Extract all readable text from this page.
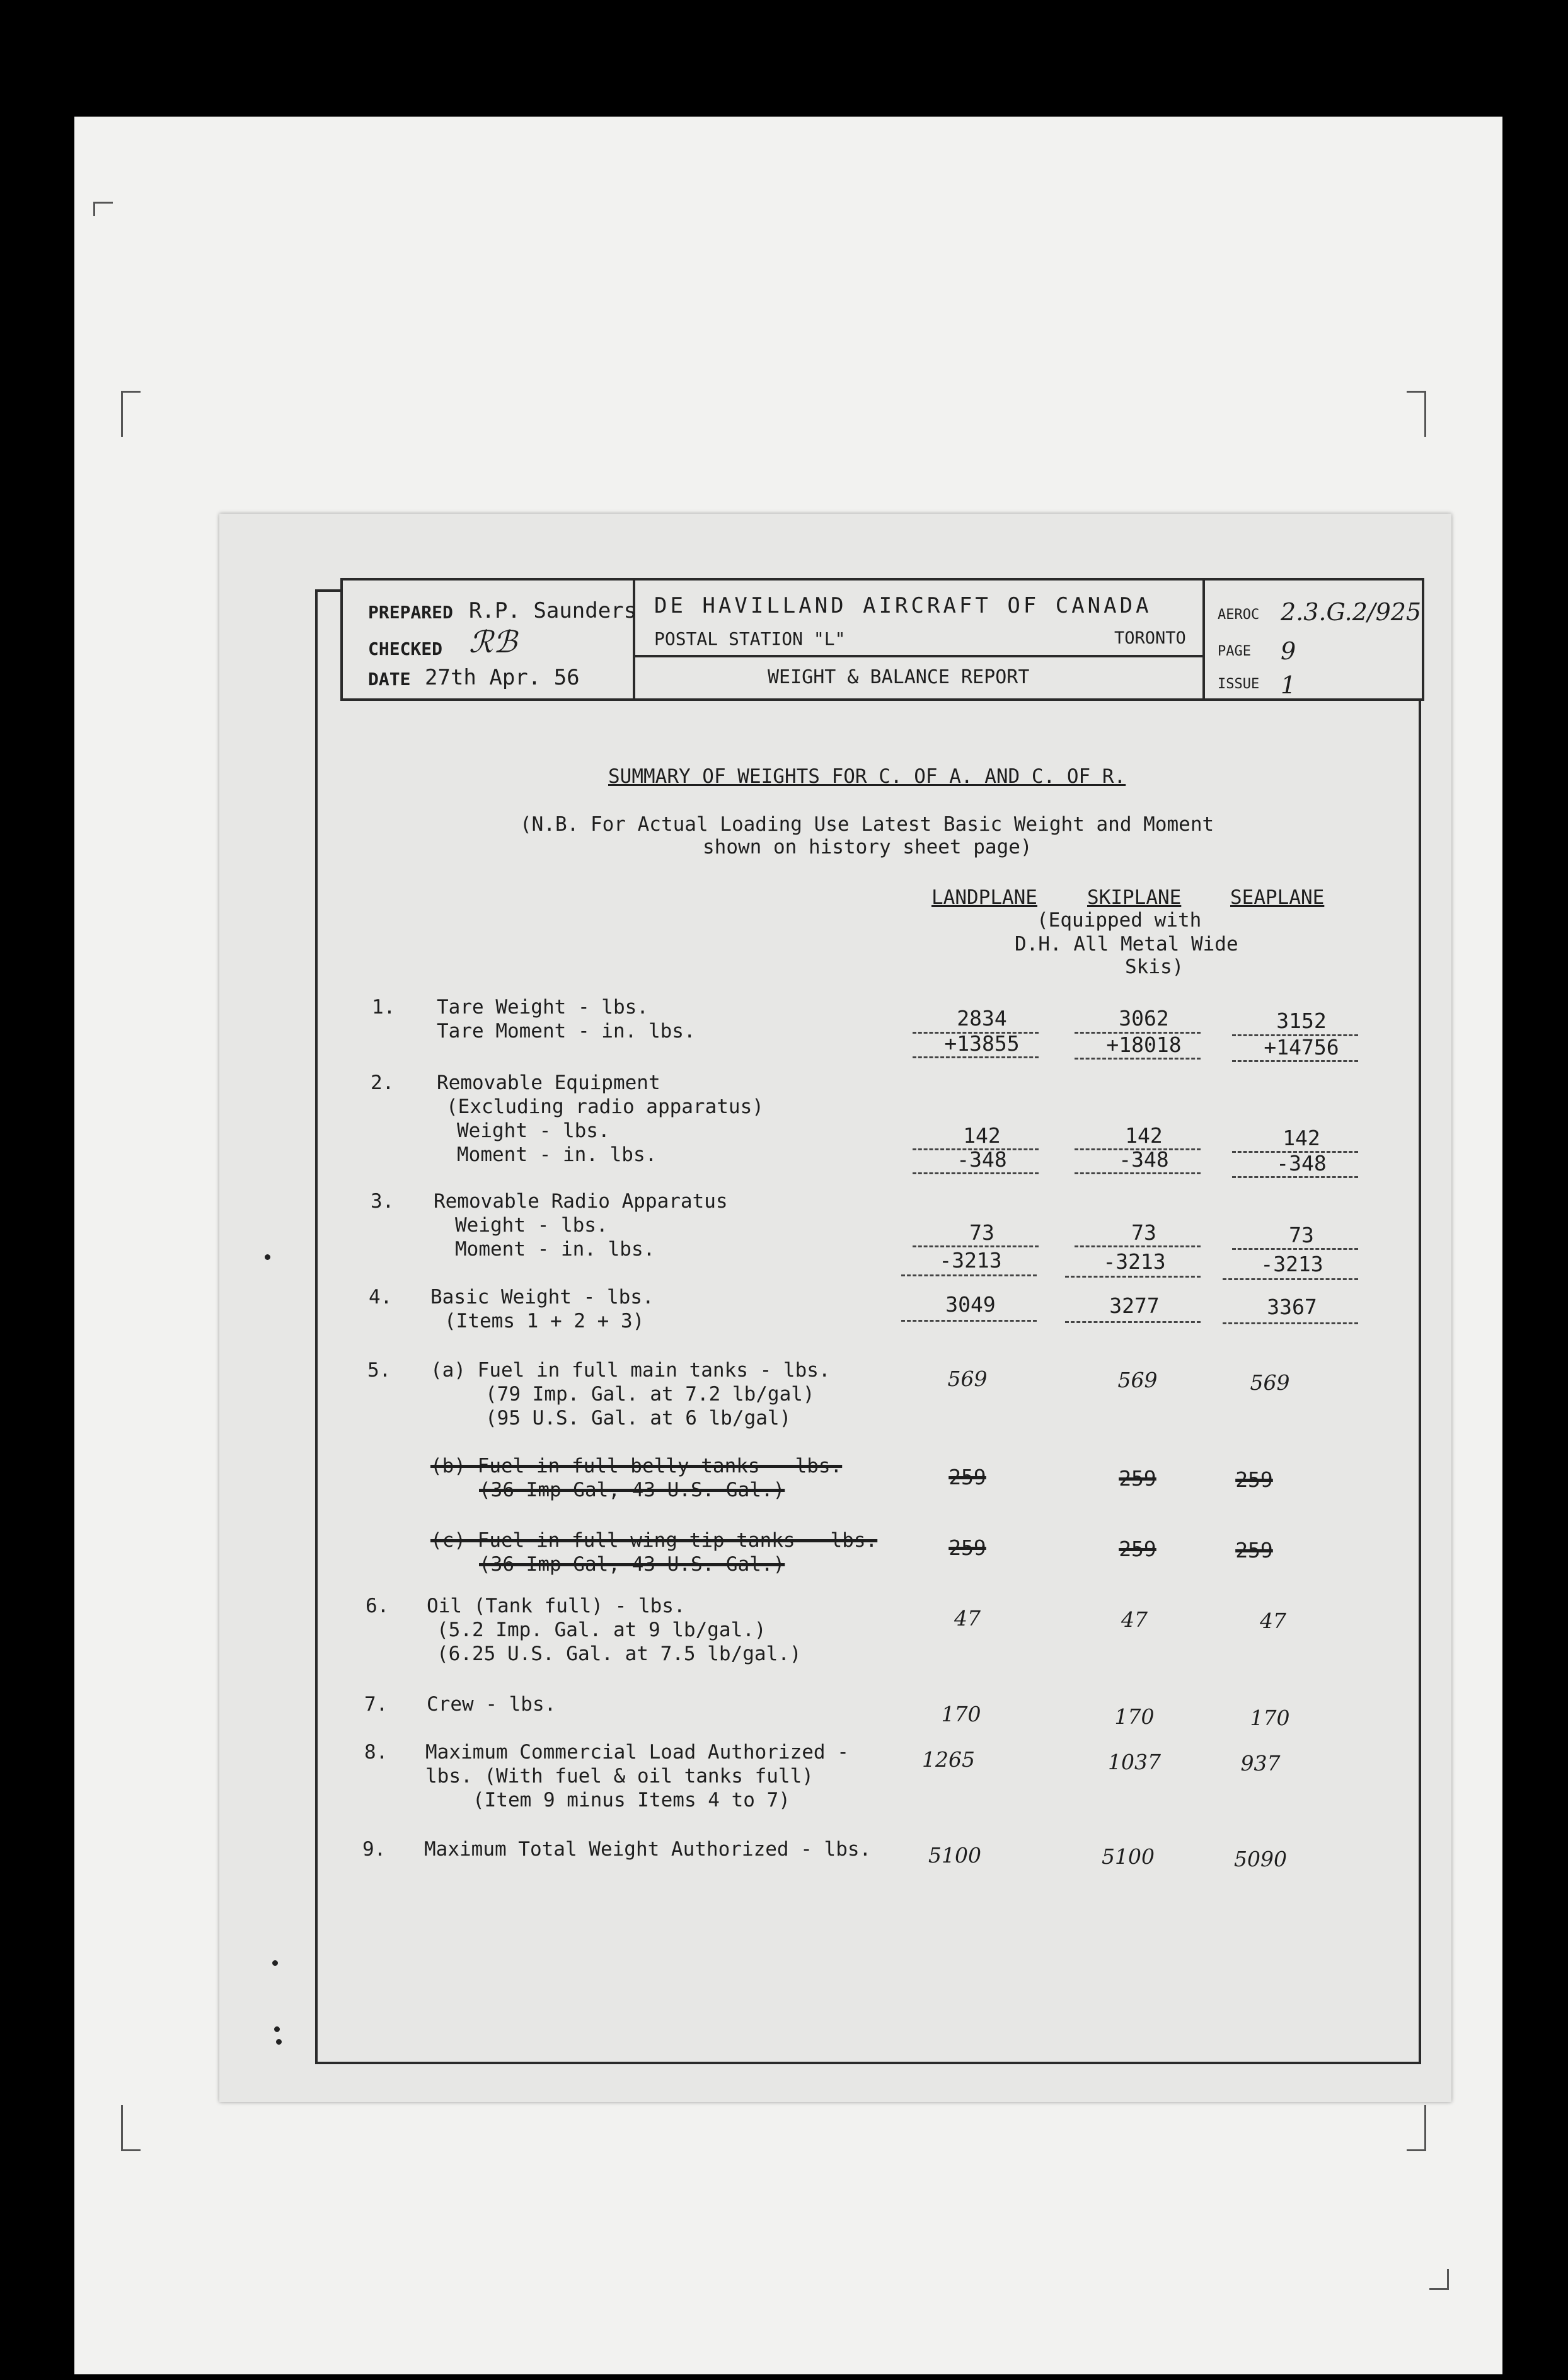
PREPARED R.P. Saunders
CHECKED ℛℬ
DATE 27th Apr. 56
DE HAVILLAND AIRCRAFT OF CANADA
POSTAL STATION "L"	TORONTO
WEIGHT & BALANCE REPORT
AEROC 2.3.G.2/925
PAGE 9
ISSUE 1
SUMMARY OF WEIGHTS FOR C. OF A. AND C. OF R.
(N.B. For Actual Loading Use Latest Basic Weight and Moment
shown on history sheet page)
LANDPLANE	SKIPLANE	SEAPLANE
(Equipped with
D.H. All Metal Wide
Skis)
1. Tare Weight - lbs.
Tare Moment - in. lbs.
2834	3062	3152
+13855	+18018	+14756
2. Removable Equipment
(Excluding radio apparatus)
Weight - lbs.
Moment - in. lbs.
142	142	142
-348	-348	-348
3. Removable Radio Apparatus
Weight - lbs.
Moment - in. lbs.
73	73	73
-3213	-3213	-3213
4. Basic Weight - lbs.
(Items 1 + 2 + 3)
3049	3277	3367
5. (a) Fuel in full main tanks - lbs.
(79 Imp. Gal. at 7.2 lb/gal)
(95 U.S. Gal. at 6 lb/gal)
569	569	569
(b) Fuel in full belly tanks - lbs.
(36 Imp Gal, 43 U.S. Gal.)
259	259	259
(c) Fuel in full wing tip tanks - lbs.
(36 Imp Gal, 43 U.S. Gal.)
259	259	259
6. Oil (Tank full) - lbs.
(5.2 Imp. Gal. at 9 lb/gal.)
(6.25 U.S. Gal. at 7.5 lb/gal.)
47	47	47
7. Crew - lbs.	170	170	170
8. Maximum Commercial Load Authorized -
lbs. (With fuel & oil tanks full)
(Item 9 minus Items 4 to 7)
1265	1037	937
9. Maximum Total Weight Authorized - lbs.	5100	5100	5090
